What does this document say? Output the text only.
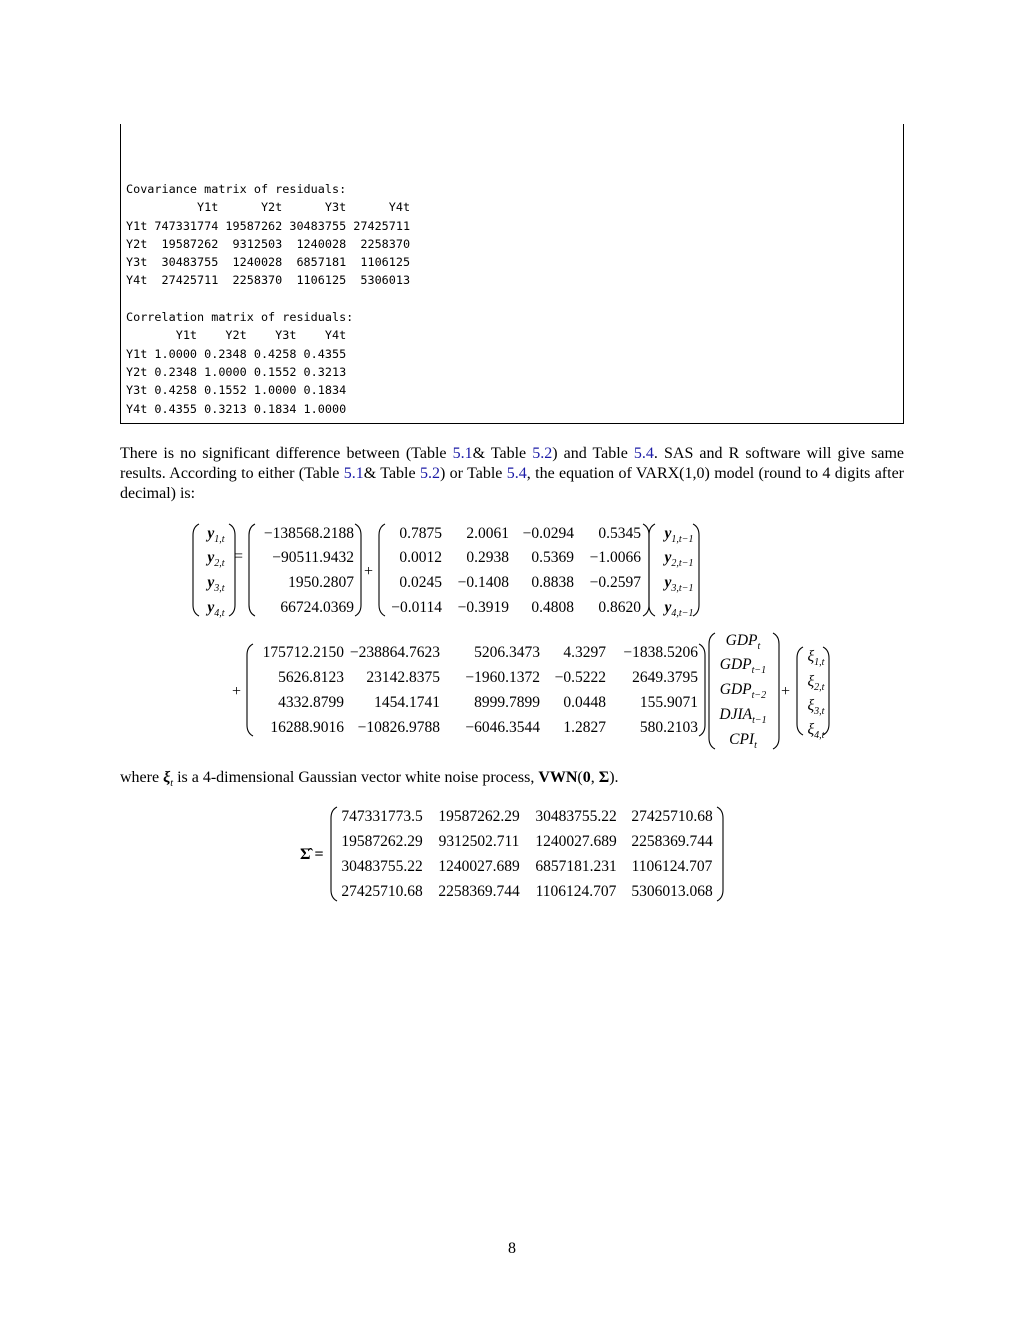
Covariance matrix of residuals:
Y1t      Y2t      Y3t      Y4t
Y1t 747331774 19587262 30483755 27425711
Y2t  19587262  9312503  1240028  2258370
Y3t  30483755  1240028  6857181  1106125
Y4t  27425711  2258370  1106125  5306013

Correlation matrix of residuals:
Y1t    Y2t    Y3t    Y4t
Y1t 1.0000 0.2348 0.4258 0.4355
Y2t 0.2348 1.0000 0.1552 0.3213
Y3t 0.4258 0.1552 1.0000 0.1834
Y4t 0.4355 0.3213 0.1834 1.0000
There is no significant difference between (Table 5.1& Table 5.2) and Table 5.4. SAS and R software will give same results. According to either (Table 5.1& Table 5.2) or Table 5.4, the equation of VARX(1,0) model (round to 4 digits after decimal) is:
where $\xi_t$ is a 4-dimensional Gaussian vector white noise process, VWN(0, Σ).
8
$y_{1,t}$
$y_{2,t}$
$y_{3,t}$
$y_{4,t}$
=
−138568.2188
−90511.9432
1950.2807
66724.0369
+
0.7875	2.0061 −0.0294	0.5345
0.0012	0.2938	0.5369	−1.0066
0.0245	−0.1408	0.8838	−0.2597
−0.0114	−0.3919	0.4808	0.8620
$y_{1,t-1}$
$y_{2,t-1}$
$y_{3,t-1}$
$y_{4,t-1}$
+
175712.2150 −238864.7623	5206.3473	4.3297	−1838.5206
5626.8123	23142.8375	−1960.1372 −0.5222	2649.3795
4332.8799	1454.1741	8999.7899	0.0448	155.9071
16288.9016 −10826.9788	−6046.3544	1.2827	580.2103
$GDP_t$
$GDP_{t-1}$
$GDP_{t-2}$
$DJIA_{t-1}$
$CPI_t$
+
$\xi_{1,t}$
$\xi_{2,t}$
$\xi_{3,t}$
$\xi_{4,t}$
Σ̂ =
747331773.5	19587262.29	30483755.22 27425710.68
19587262.29	9312502.711	1240027.689 2258369.744
30483755.22	1240027.689	6857181.231 1106124.707
27425710.68	2258369.744	1106124.707 5306013.068
